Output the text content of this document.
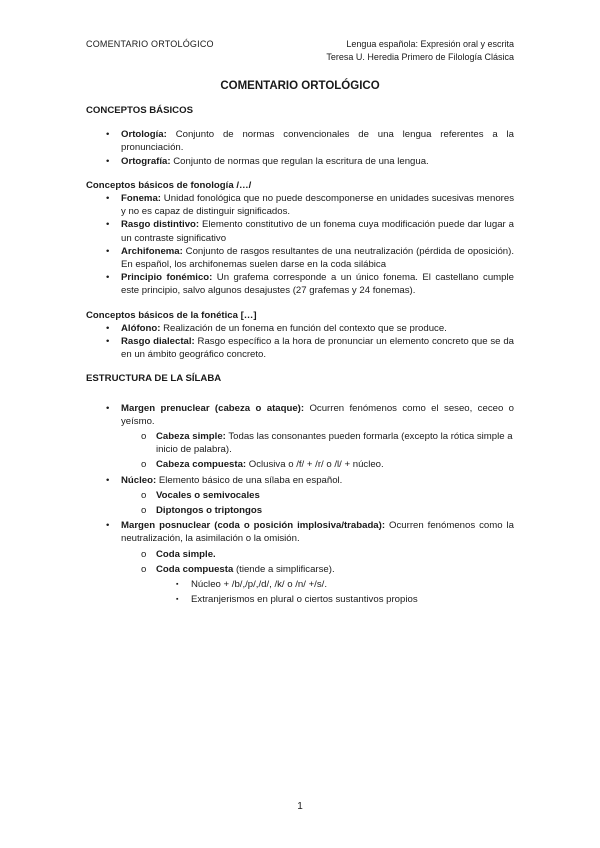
COMENTARIO ORTOLÓGICO	Lengua española: Expresión oral y escrita
Teresa U. Heredia Primero de Filología Clásica
COMENTARIO ORTOLÓGICO

CONCEPTOS BÁSICOS

• Ortología: Conjunto de normas convencionales de una lengua referentes a la pronunciación.
• Ortografía: Conjunto de normas que regulan la escritura de una lengua.

Conceptos básicos de fonología /…/

• Fonema: Unidad fonológica que no puede descomponerse en unidades sucesivas menores y no es capaz de distinguir significados.
• Rasgo distintivo: Elemento constitutivo de un fonema cuya modificación puede dar lugar a un contraste significativo
• Archifonema: Conjunto de rasgos resultantes de una neutralización (pérdida de oposición). En español, los archifonemas suelen darse en la coda silábica
• Principio fonémico: Un grafema corresponde a un único fonema. El castellano cumple este principio, salvo algunos desajustes (27 grafemas y 24 fonemas).

Conceptos básicos de la fonética […]

• Alófono: Realización de un fonema en función del contexto que se produce.
• Rasgo dialectal: Rasgo específico a la hora de pronunciar un elemento concreto que se da en un ámbito geográfico concreto.

ESTRUCTURA DE LA SÍLABA

• Margen prenuclear (cabeza o ataque): Ocurren fenómenos como el seseo, ceceo o yeísmo.
o Cabeza simple: Todas las consonantes pueden formarla (excepto la rótica simple a inicio de palabra).
o Cabeza compuesta: Oclusiva o /f/ + /r/ o /l/ + núcleo.
• Núcleo: Elemento básico de una sílaba en español.
o Vocales o semivocales
o Diptongos o triptongos
• Margen posnuclear (coda o posición implosiva/trabada): Ocurren fenómenos como la neutralización, la asimilación o la omisión.
o Coda simple.
o Coda compuesta (tiende a simplificarse).
▪ Núcleo + /b/,/p/,/d/, /k/ o /n/ +/s/.
▪ Extranjerismos en plural o ciertos sustantivos propios
1
